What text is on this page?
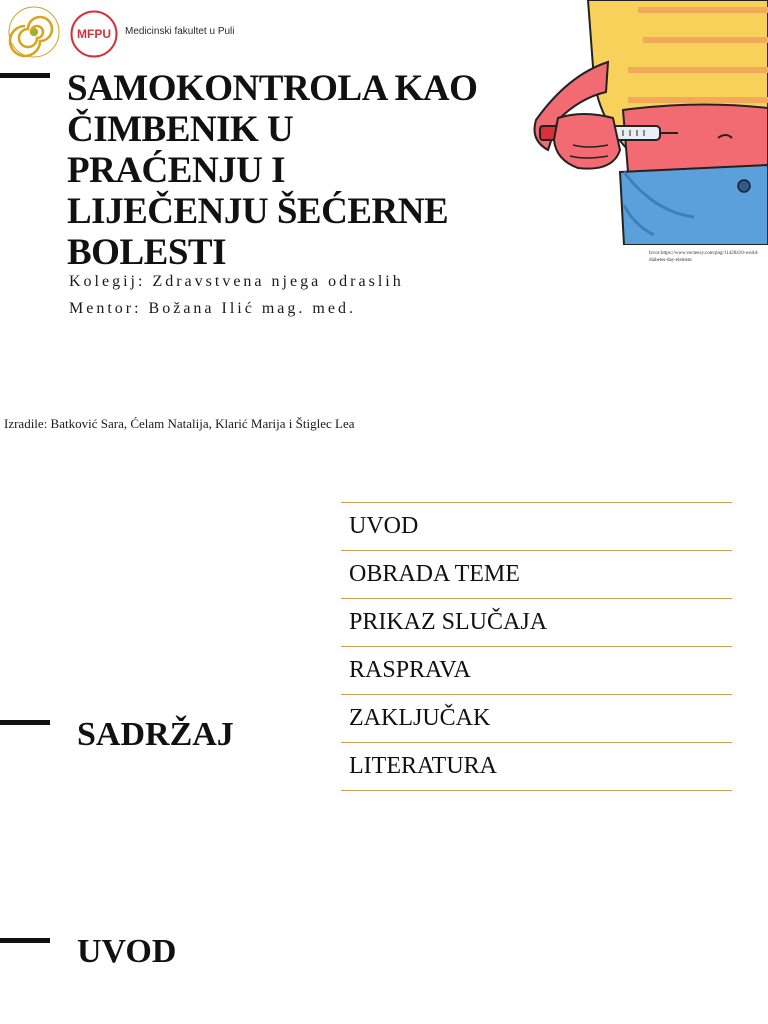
MFPU Medicinski fakultet u Puli
SAMOKONTROLA KAO
ČIMBENIK U
PRAĆENJU I
LIJEČENJU ŠEĆERNE
BOLESTI
Kolegij: Zdravstvena njega odraslih
Mentor: Božana Ilić mag. med.
Izradile: Batković Sara, Ćelam Natalija, Klarić Marija i Štiglec Lea
Izvor:https://www.vecteezy.com/png/11420410-world-diabetes-day-element
SADRŽAJ
UVOD
OBRADA TEME
PRIKAZ SLUČAJA
RASPRAVA
ZAKLJUČAK
LITERATURA
UVOD
